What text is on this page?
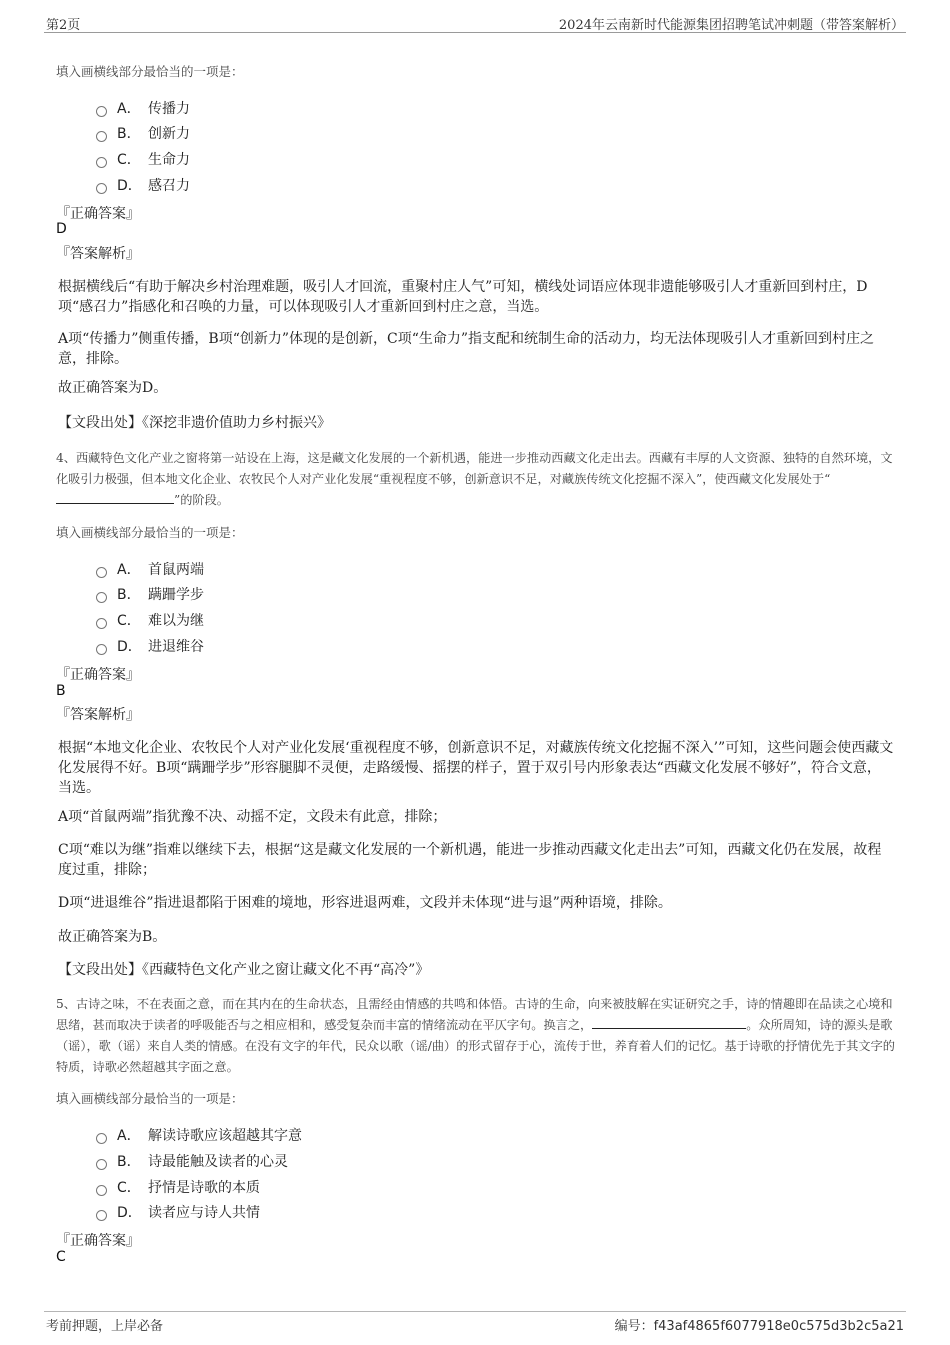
第2页	2024年云南新时代能源集团招聘笔试冲刺题（带答案解析）
填入画横线部分最恰当的一项是：
A． 传播力
B． 创新力
C． 生命力
D． 感召力
『正确答案』
D
『答案解析』
根据横线后“有助于解决乡村治理难题，吸引人才回流，重聚村庄人气”可知，横线处词语应体现非遗能够吸引人才重新回到村庄，D项“感召力”指感化和召唤的力量，可以体现吸引人才重新回到村庄之意，当选。
A项“传播力”侧重传播，B项“创新力”体现的是创新，C项“生命力”指支配和统制生命的活动力，均无法体现吸引人才重新回到村庄之意，排除。
故正确答案为D。
【文段出处】《深挖非遗价值助力乡村振兴》
4、西藏特色文化产业之窗将第一站设在上海，这是藏文化发展的一个新机遇，能进一步推动西藏文化走出去。西藏有丰厚的人文资源、独特的自然环境，文化吸引力极强，但本地文化企业、农牧民个人对产业化发展“重视程度不够，创新意识不足，对藏族传统文化挖掘不深入”，使西藏文化发展处于“”的阶段。
填入画横线部分最恰当的一项是：
A． 首鼠两端
B． 蹒跚学步
C． 难以为继
D． 进退维谷
『正确答案』
B
『答案解析』
根据“本地文化企业、农牧民个人对产业化发展‘重视程度不够，创新意识不足，对藏族传统文化挖掘不深入’”可知，这些问题会使西藏文化发展得不好。B项“蹒跚学步”形容腿脚不灵便，走路缓慢、摇摆的样子，置于双引号内形象表达“西藏文化发展不够好”，符合文意，当选。
A项“首鼠两端”指犹豫不决、动摇不定，文段未有此意，排除；
C项“难以为继”指难以继续下去，根据“这是藏文化发展的一个新机遇，能进一步推动西藏文化走出去”可知，西藏文化仍在发展，故程度过重，排除；
D项“进退维谷”指进退都陷于困难的境地，形容进退两难，文段并未体现“进与退”两种语境，排除。
故正确答案为B。
【文段出处】《西藏特色文化产业之窗让藏文化不再“高冷”》
5、古诗之味，不在表面之意，而在其内在的生命状态，且需经由情感的共鸣和体悟。古诗的生命，向来被肢解在实证研究之手，诗的情趣即在品读之心境和思绪，甚而取决于读者的呼吸能否与之相应相和，感受复杂而丰富的情绪流动在平仄字句。换言之，	。众所周知，诗的源头是歌（谣），歌（谣）来自人类的情感。在没有文字的年代，民众以歌（谣/曲）的形式留存于心，流传于世，养育着人们的记忆。基于诗歌的抒情优先于其文字的特质，诗歌必然超越其字面之意。
填入画横线部分最恰当的一项是：
A． 解读诗歌应该超越其字意
B． 诗最能触及读者的心灵
C． 抒情是诗歌的本质
D． 读者应与诗人共情
『正确答案』
C
考前押题，上岸必备	编号：f43af4865f6077918e0c575d3b2c5a21
